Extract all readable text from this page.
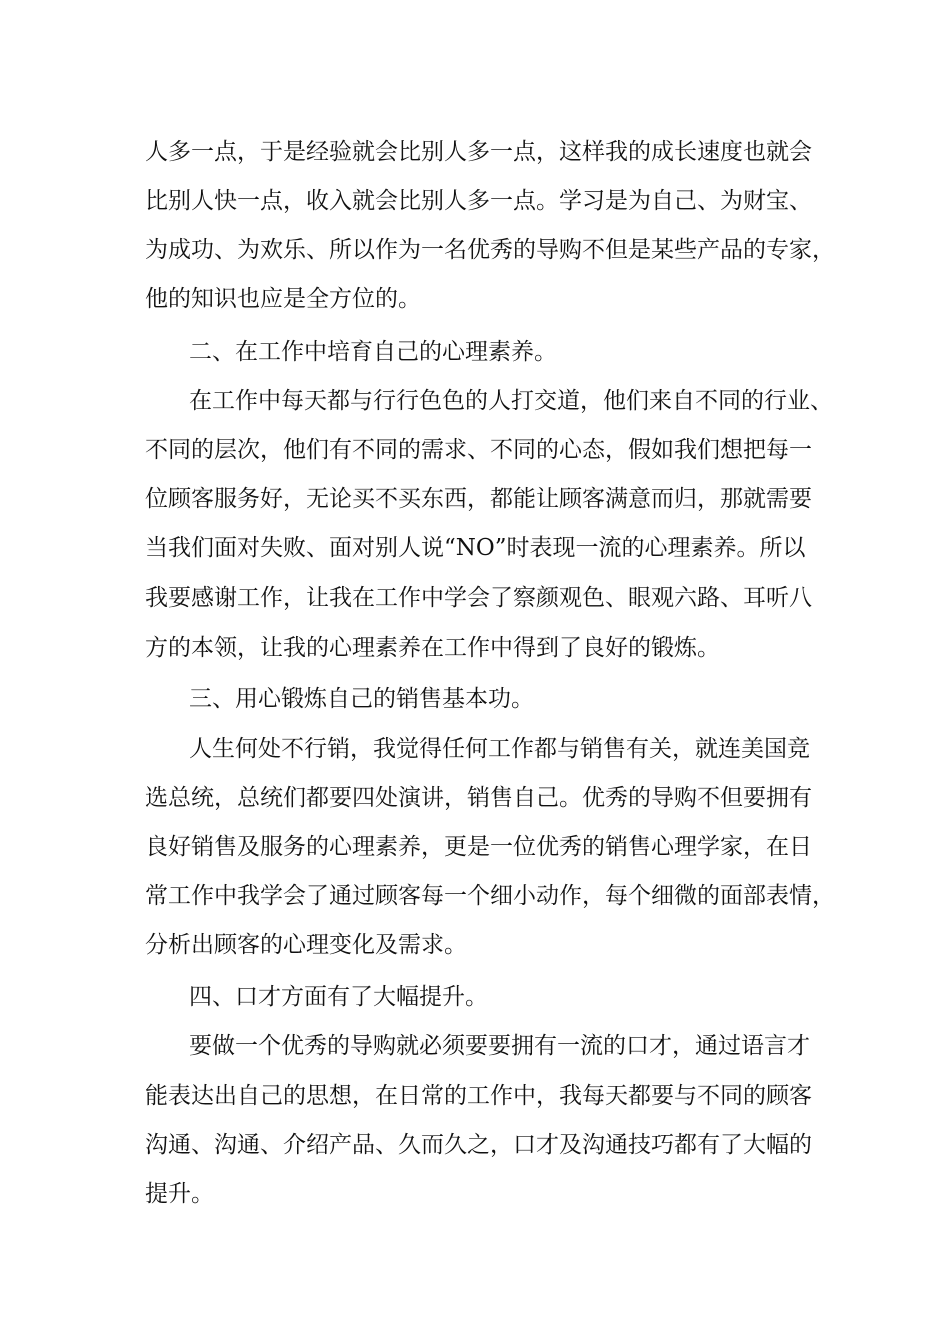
人多一点，于是经验就会比别人多一点，这样我的成长速度也就会

比别人快一点，收入就会比别人多一点。学习是为自己、为财宝、

为成功、为欢乐、所以作为一名优秀的导购不但是某些产品的专家，

他的知识也应是全方位的。

二、在工作中培育自己的心理素养。

在工作中每天都与行行色色的人打交道，他们来自不同的行业、

不同的层次，他们有不同的需求、不同的心态，假如我们想把每一

位顾客服务好，无论买不买东西，都能让顾客满意而归，那就需要

当我们面对失败、面对别人说“NO”时表现一流的心理素养。所以

我要感谢工作，让我在工作中学会了察颜观色、眼观六路、耳听八

方的本领，让我的心理素养在工作中得到了良好的锻炼。

三、用心锻炼自己的销售基本功。

人生何处不行销，我觉得任何工作都与销售有关，就连美国竞

选总统，总统们都要四处演讲，销售自己。优秀的导购不但要拥有

良好销售及服务的心理素养，更是一位优秀的销售心理学家，在日

常工作中我学会了通过顾客每一个细小动作，每个细微的面部表情，

分析出顾客的心理变化及需求。

四、口才方面有了大幅提升。

要做一个优秀的导购就必须要要拥有一流的口才，通过语言才

能表达出自己的思想，在日常的工作中，我每天都要与不同的顾客

沟通、沟通、介绍产品、久而久之，口才及沟通技巧都有了大幅的

提升。
